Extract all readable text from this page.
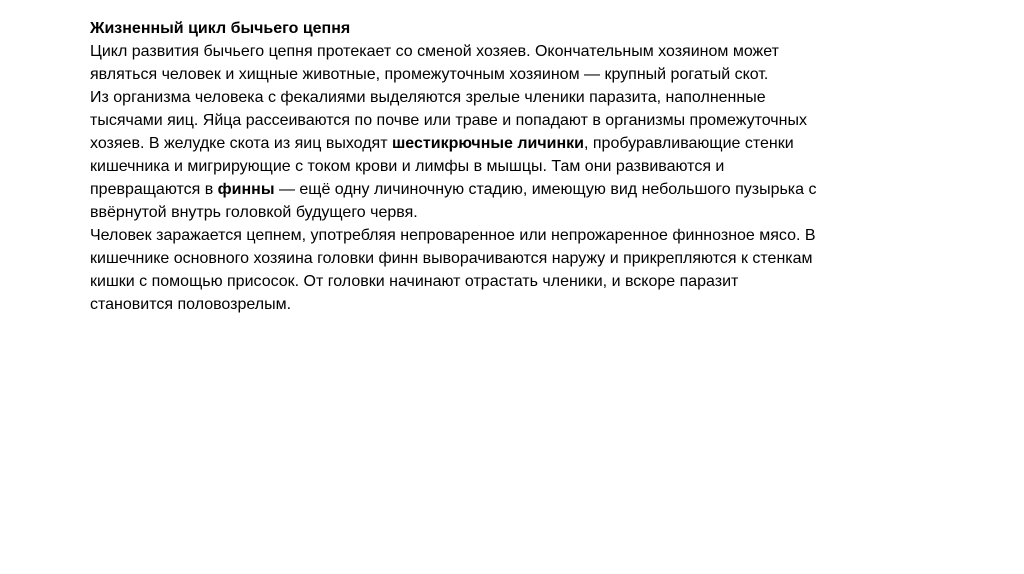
Жизненный цикл бычьего цепня
Цикл развития бычьего цепня протекает со сменой хозяев. Окончательным хозяином может
являться человек и хищные животные, промежуточным хозяином — крупный рогатый скот.
Из организма человека с фекалиями выделяются зрелые членики паразита, наполненные
тысячами яиц. Яйца рассеиваются по почве или траве и попадают в организмы промежуточных
хозяев. В желудке скота из яиц выходят шестикрючные личинки, пробуравливающие стенки
кишечника и мигрирующие с током крови и лимфы в мышцы. Там они развиваются и
превращаются в финны — ещё одну личиночную стадию, имеющую вид небольшого пузырька с
ввёрнутой внутрь головкой будущего червя.
Человек заражается цепнем, употребляя непроваренное или непрожаренное финнозное мясо. В
кишечнике основного хозяина головки финн выворачиваются наружу и прикрепляются к стенкам
кишки с помощью присосок. От головки начинают отрастать членики, и вскоре паразит
становится половозрелым.
